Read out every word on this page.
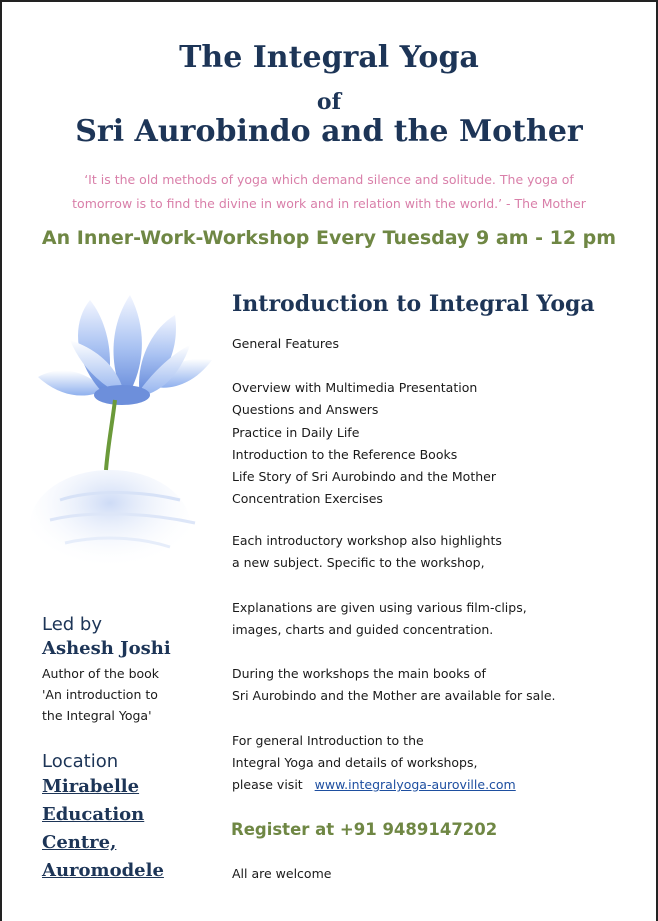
The Integral Yoga
of
Sri Aurobindo and the Mother
‘It is the old methods of yoga which demand silence and solitude. The yoga of
tomorrow is to find the divine in work and in relation with the world.’ - The Mother
An Inner-Work-Workshop Every Tuesday 9 am - 12 pm
Introduction to Integral Yoga
General Features
Overview with Multimedia Presentation
Questions and Answers
Practice in Daily Life
Introduction to the Reference Books
Life Story of Sri Aurobindo and the Mother
Concentration Exercises
Each introductory workshop also highlights
a new subject. Specific to the workshop,
Explanations are given using various film-clips,
images, charts and guided concentration.
During the workshops the main books of
Sri Aurobindo and the Mother are available for sale.
For general Introduction to the
Integral Yoga and details of workshops,
please visit www.integralyoga-auroville.com
Register at +91 9489147202
All are welcome
Led by
Ashesh Joshi
Author of the book
'An introduction to
the Integral Yoga'
Location
Mirabelle
Education
Centre,
Auromodele
